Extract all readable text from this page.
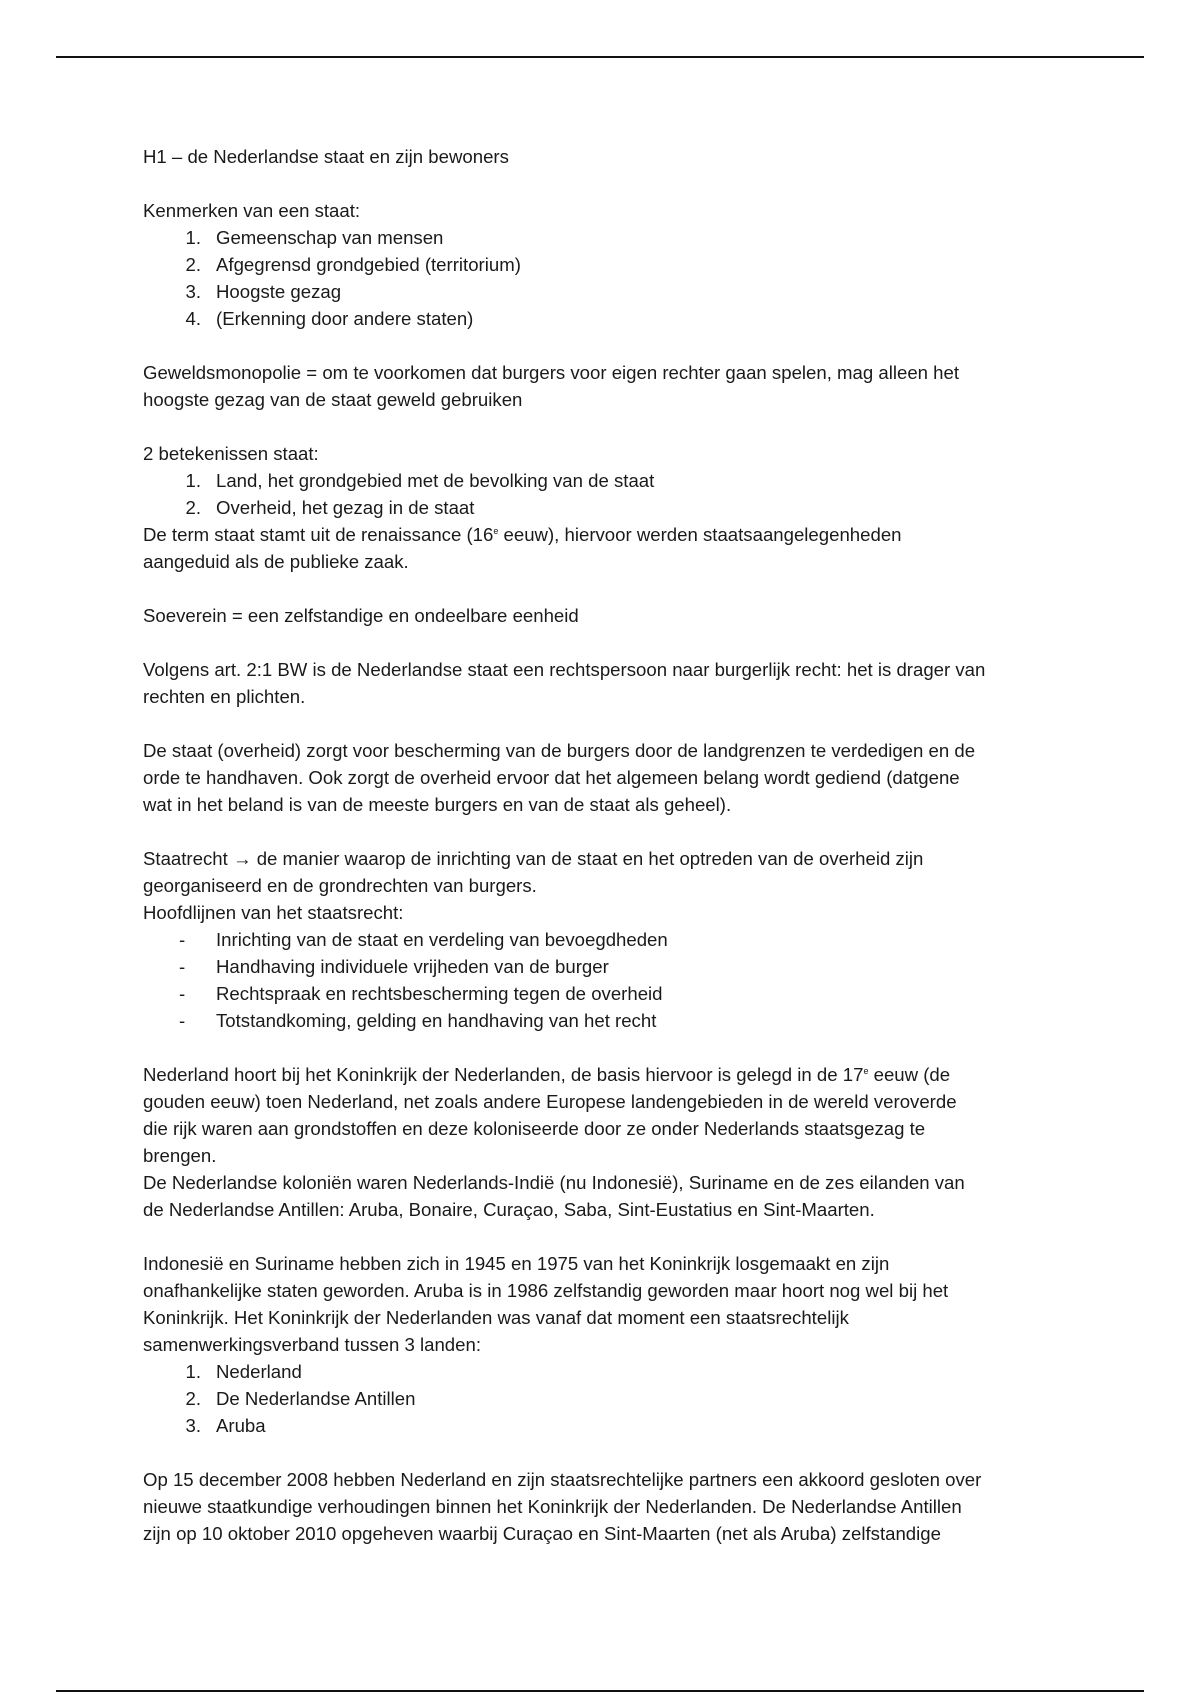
H1 – de Nederlandse staat en zijn bewoners

Kenmerken van een staat:

1. Gemeenschap van mensen
2. Afgegrensd grondgebied (territorium)
3. Hoogste gezag
4. (Erkenning door andere staten)

Geweldsmonopolie = om te voorkomen dat burgers voor eigen rechter gaan spelen, mag alleen het

hoogste gezag van de staat geweld gebruiken

2 betekenissen staat:

1. Land, het grondgebied met de bevolking van de staat
2. Overheid, het gezag in de staat

De term staat stamt uit de renaissance (16e eeuw), hiervoor werden staatsaangelegenheden

aangeduid als de publieke zaak.

Soeverein = een zelfstandige en ondeelbare eenheid

Volgens art. 2:1 BW is de Nederlandse staat een rechtspersoon naar burgerlijk recht: het is drager van

rechten en plichten.

De staat (overheid) zorgt voor bescherming van de burgers door de landgrenzen te verdedigen en de

orde te handhaven. Ook zorgt de overheid ervoor dat het algemeen belang wordt gediend (datgene

wat in het beland is van de meeste burgers en van de staat als geheel).

Staatrecht → de manier waarop de inrichting van de staat en het optreden van de overheid zijn

georganiseerd en de grondrechten van burgers.

Hoofdlijnen van het staatsrecht:

- Inrichting van de staat en verdeling van bevoegdheden
- Handhaving individuele vrijheden van de burger
- Rechtspraak en rechtsbescherming tegen de overheid
- Totstandkoming, gelding en handhaving van het recht

Nederland hoort bij het Koninkrijk der Nederlanden, de basis hiervoor is gelegd in de 17e eeuw (de

gouden eeuw) toen Nederland, net zoals andere Europese landengebieden in de wereld veroverde

die rijk waren aan grondstoffen en deze koloniseerde door ze onder Nederlands staatsgezag te

brengen.

De Nederlandse koloniën waren Nederlands-Indië (nu Indonesië), Suriname en de zes eilanden van

de Nederlandse Antillen: Aruba, Bonaire, Curaçao, Saba, Sint-Eustatius en Sint-Maarten.

Indonesië en Suriname hebben zich in 1945 en 1975 van het Koninkrijk losgemaakt en zijn

onafhankelijke staten geworden. Aruba is in 1986 zelfstandig geworden maar hoort nog wel bij het

Koninkrijk. Het Koninkrijk der Nederlanden was vanaf dat moment een staatsrechtelijk

samenwerkingsverband tussen 3 landen:

1. Nederland
2. De Nederlandse Antillen
3. Aruba

Op 15 december 2008 hebben Nederland en zijn staatsrechtelijke partners een akkoord gesloten over

nieuwe staatkundige verhoudingen binnen het Koninkrijk der Nederlanden. De Nederlandse Antillen

zijn op 10 oktober 2010 opgeheven waarbij Curaçao en Sint-Maarten (net als Aruba) zelfstandige
